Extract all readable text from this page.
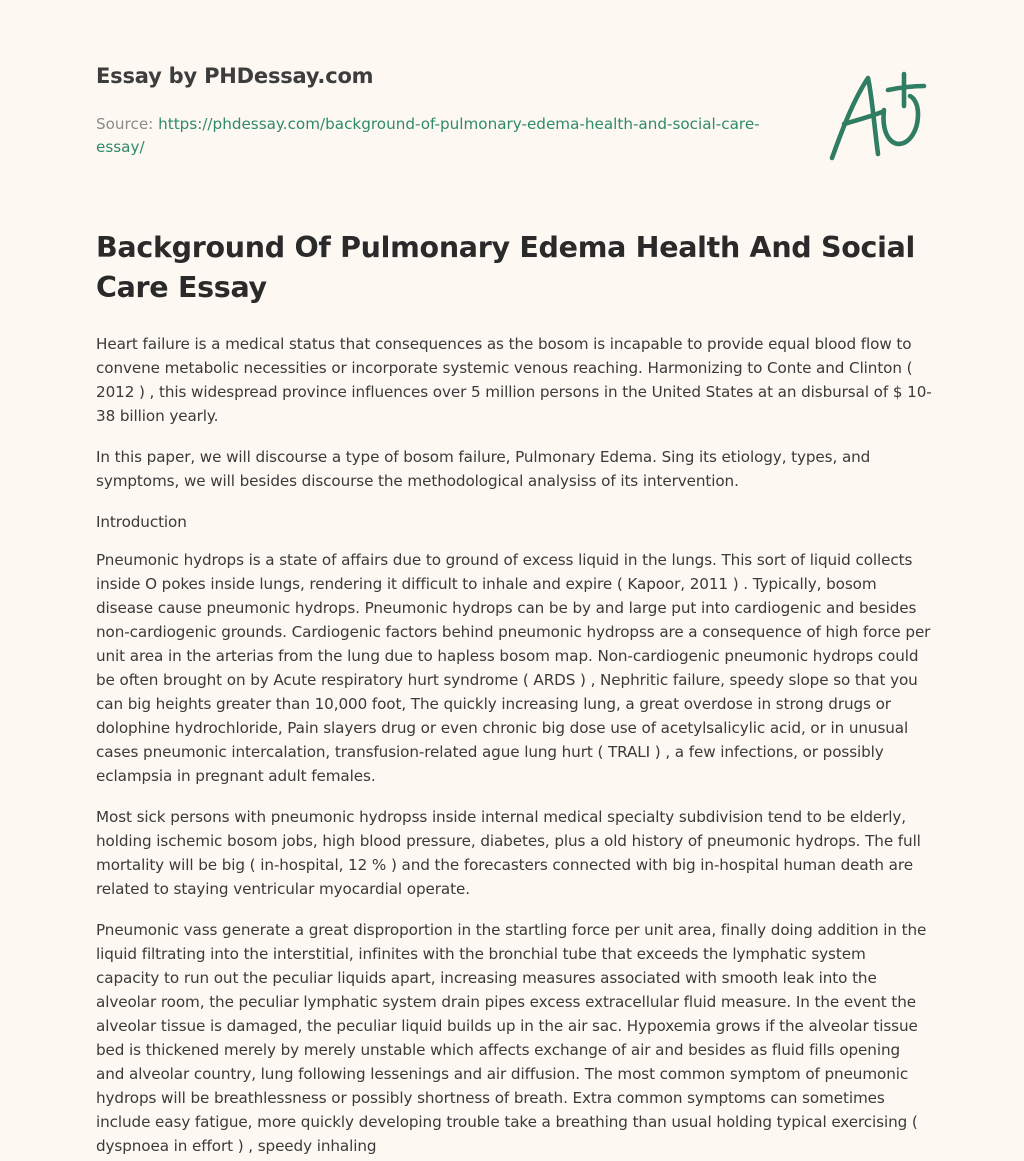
Essay by PHDessay.com
Source: https://phdessay.com/background-of-pulmonary-edema-health-and-social-care-essay/
Background Of Pulmonary Edema Health And Social Care Essay

Heart failure is a medical status that consequences as the bosom is incapable to provide equal blood flow to convene metabolic necessities or incorporate systemic venous reaching. Harmonizing to Conte and Clinton ( 2012 ) , this widespread province influences over 5 million persons in the United States at an disbursal of $ 10-38 billion yearly.

In this paper, we will discourse a type of bosom failure, Pulmonary Edema. Sing its etiology, types, and symptoms, we will besides discourse the methodological analysiss of its intervention.

Introduction

Pneumonic hydrops is a state of affairs due to ground of excess liquid in the lungs. This sort of liquid collects inside O pokes inside lungs, rendering it difficult to inhale and expire ( Kapoor, 2011 ) . Typically, bosom disease cause pneumonic hydrops. Pneumonic hydrops can be by and large put into cardiogenic and besides non-cardiogenic grounds. Cardiogenic factors behind pneumonic hydropss are a consequence of high force per unit area in the arterias from the lung due to hapless bosom map. Non-cardiogenic pneumonic hydrops could be often brought on by Acute respiratory hurt syndrome ( ARDS ) , Nephritic failure, speedy slope so that you can big heights greater than 10,000 foot, The quickly increasing lung, a great overdose in strong drugs or dolophine hydrochloride, Pain slayers drug or even chronic big dose use of acetylsalicylic acid, or in unusual cases pneumonic intercalation, transfusion-related ague lung hurt ( TRALI ) , a few infections, or possibly eclampsia in pregnant adult females.

Most sick persons with pneumonic hydropss inside internal medical specialty subdivision tend to be elderly, holding ischemic bosom jobs, high blood pressure, diabetes, plus a old history of pneumonic hydrops. The full mortality will be big ( in-hospital, 12 % ) and the forecasters connected with big in-hospital human death are related to staying ventricular myocardial operate.

Pneumonic vass generate a great disproportion in the startling force per unit area, finally doing addition in the liquid filtrating into the interstitial, infinites with the bronchial tube that exceeds the lymphatic system capacity to run out the peculiar liquids apart, increasing measures associated with smooth leak into the alveolar room, the peculiar lymphatic system drain pipes excess extracellular fluid measure. In the event the alveolar tissue is damaged, the peculiar liquid builds up in the air sac. Hypoxemia grows if the alveolar tissue bed is thickened merely by merely unstable which affects exchange of air and besides as fluid fills opening and alveolar country, lung following lessenings and air diffusion. The most common symptom of pneumonic hydrops will be breathlessness or possibly shortness of breath. Extra common symptoms can sometimes include easy fatigue, more quickly developing trouble take a breathing than usual holding typical exercising ( dyspnoea in effort ) , speedy inhaling
